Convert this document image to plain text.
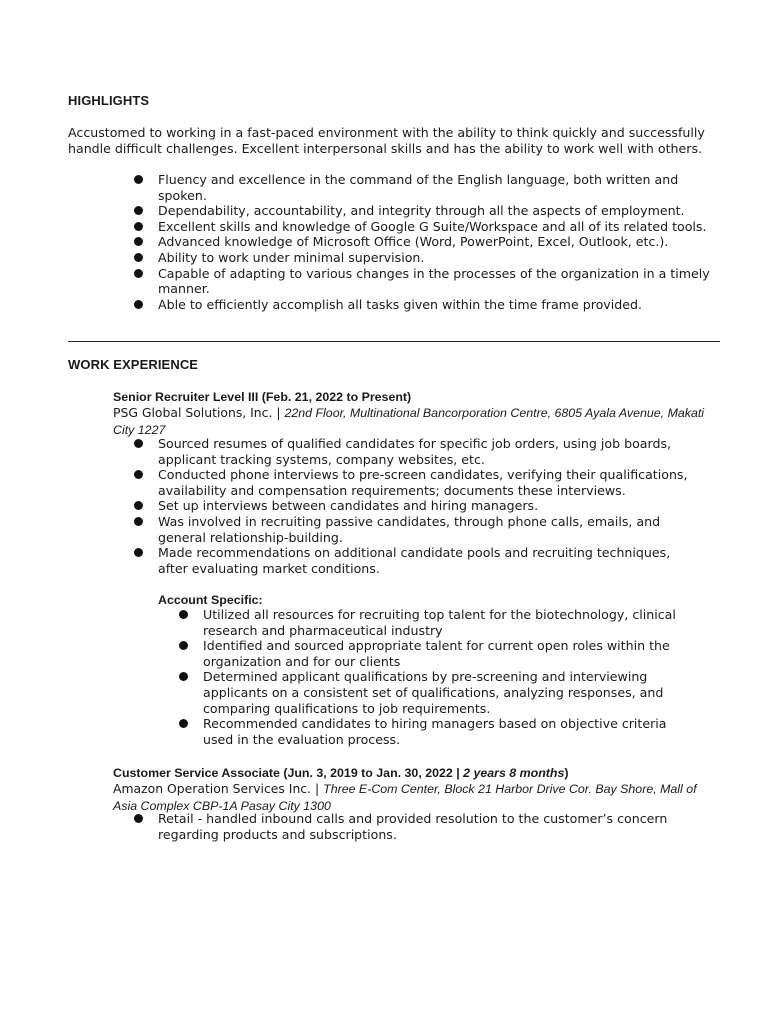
HIGHLIGHTS
Accustomed to working in a fast-paced environment with the ability to think quickly and successfully handle difficult challenges. Excellent interpersonal skills and has the ability to work well with others.
Fluency and excellence in the command of the English language, both written and spoken.
Dependability, accountability, and integrity through all the aspects of employment.
Excellent skills and knowledge of Google G Suite/Workspace and all of its related tools.
Advanced knowledge of Microsoft Office (Word, PowerPoint, Excel, Outlook, etc.).
Ability to work under minimal supervision.
Capable of adapting to various changes in the processes of the organization in a timely manner.
Able to efficiently accomplish all tasks given within the time frame provided.
WORK EXPERIENCE
Senior Recruiter Level III (Feb. 21, 2022 to Present)
PSG Global Solutions, Inc. | 22nd Floor, Multinational Bancorporation Centre, 6805 Ayala Avenue, Makati City 1227
Sourced resumes of qualified candidates for specific job orders, using job boards, applicant tracking systems, company websites, etc.
Conducted phone interviews to pre-screen candidates, verifying their qualifications, availability and compensation requirements; documents these interviews.
Set up interviews between candidates and hiring managers.
Was involved in recruiting passive candidates, through phone calls, emails, and general relationship-building.
Made recommendations on additional candidate pools and recruiting techniques, after evaluating market conditions.
Account Specific:
Utilized all resources for recruiting top talent for the biotechnology, clinical research and pharmaceutical industry
Identified and sourced appropriate talent for current open roles within the organization and for our clients
Determined applicant qualifications by pre-screening and interviewing applicants on a consistent set of qualifications, analyzing responses, and comparing qualifications to job requirements.
Recommended candidates to hiring managers based on objective criteria used in the evaluation process.
Customer Service Associate (Jun. 3, 2019 to Jan. 30, 2022 | 2 years 8 months)
Amazon Operation Services Inc. | Three E-Com Center, Block 21 Harbor Drive Cor. Bay Shore, Mall of Asia Complex CBP-1A Pasay City 1300
Retail - handled inbound calls and provided resolution to the customer’s concern regarding products and subscriptions.
